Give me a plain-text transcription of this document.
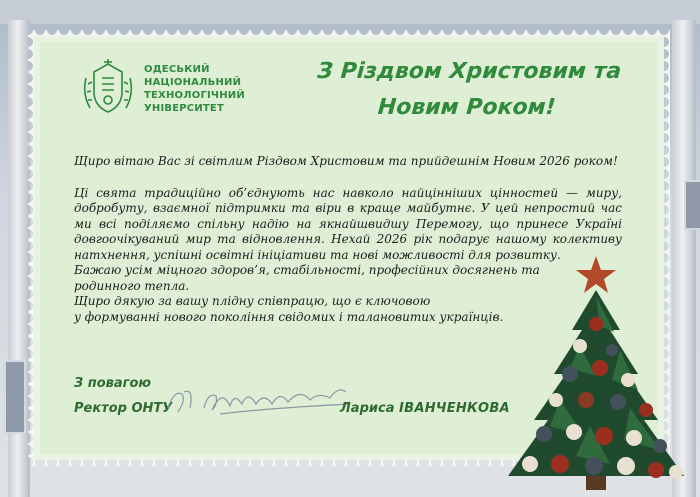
ОДЕСЬКИЙ
НАЦІОНАЛЬНИЙ
ТЕХНОЛОГІЧНИЙ
УНІВЕРСИТЕТ
З Різдвом Христовим та
Новим Роком!

Щиро вітаю Вас зі світлим Різдвом Христовим та прийдешнім Новим 2026 роком!

Ці свята традиційно об’єднують нас навколо найцінніших цінностей — миру, добробуту, взаємної підтримки та віри в краще майбутнє. У цей непростий час ми всі поділяємо спільну надію на якнайшвидшу Перемогу, що принесе Україні довгоочікуваний мир та відновлення. Нехай 2026 рік подарує нашому колективу натхнення, успішні освітні ініціативи та нові можливості для розвитку.

Бажаю усім міцного здоров’я, стабільності, професійних досягнень та

родинного тепла.

Щиро дякую за вашу плідну співпрацю, що є ключовою

у формуванні нового покоління свідомих і талановитих українців.

З повагою
Ректор ОНТУ	Лариса ІВАНЧЕНКОВА
